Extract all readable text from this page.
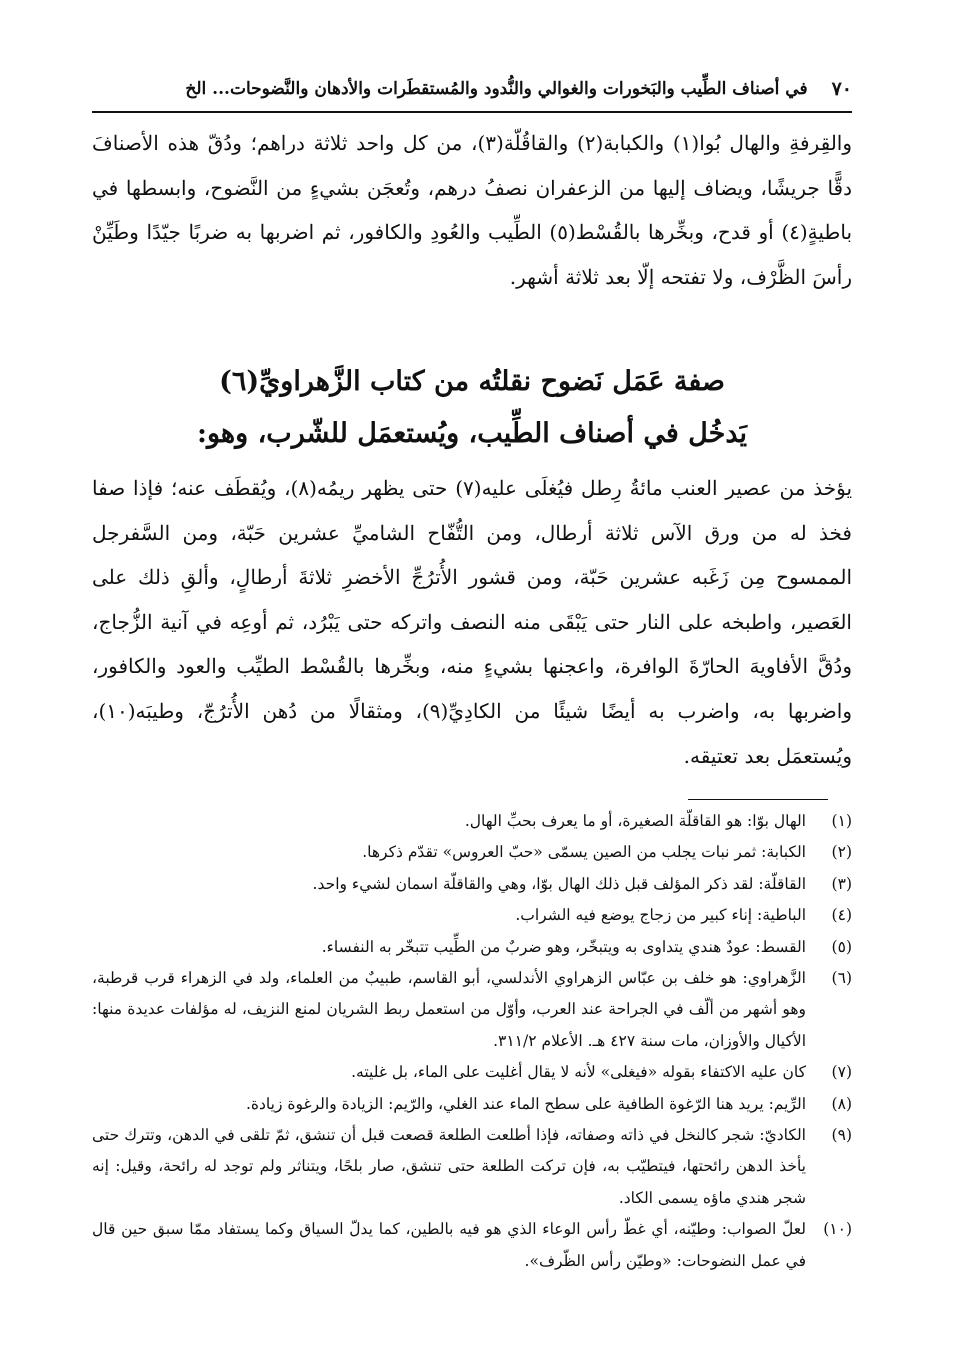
٧٠
في أصناف الطِّيب والبَخورات والغوالي والنُّدود والمُستقطَرات والأدهان والنَّضوحات... الخ
والقِرفةِ والهال بُوا(١) والكبابة(٢) والقاقُلّة(٣)، من كل واحد ثلاثة دراهم؛ ودُقّ هذه الأصنافَ دقًّا جريشًا، ويضاف إليها من الزعفران نصفُ درهم، وتُعجَن بشيءٍ من النَّضوح، وابسطها في باطيةٍ(٤) أو قدح، وبخِّرها بالقُسْط(٥) الطِّيب والعُودِ والكافور، ثم اضربها به ضربًا جيّدًا وطَيِّنْ رأسَ الظَّرْف، ولا تفتحه إلّا بعد ثلاثة أشهر.
صفة عَمَل نَضوح نقلتُه من كتاب الزَّهراويِّ(٦)
يَدخُل في أصناف الطِّيب، ويُستعمَل للشّرب، وهو:
يؤخذ من عصير العنب مائةُ رِطل فيُغلَى عليه(٧) حتى يظهر ريمُه(٨)، ويُقطَف عنه؛ فإذا صفا فخذ له من ورق الآس ثلاثة أرطال، ومن التُّفّاح الشاميِّ عشرين حَبّة، ومن السَّفرجل الممسوح مِن زَغَبه عشرين حَبّة، ومن قشور الأُترُجِّ الأخضرِ ثلاثةَ أرطالٍ، وألقِ ذلك على العَصير، واطبخه على النار حتى يَبْقَى منه النصف واتركه حتى يَبْرُد، ثم أوعِه في آنية الزُّجاج، ودُقَّ الأفاويهَ الحارّةَ الوافرة، واعجنها بشيءٍ منه، وبخِّرها بالقُسْط الطيِّب والعود والكافور، واضربها به، واضرب به أيضًا شيئًا من الكادِيِّ(٩)، ومثقالًا من دُهن الأُترُجّ، وطيبَه(١٠)، ويُستعمَل بعد تعتيقه.
(١)
الهال بوّا: هو القاقلّة الصغيرة، أو ما يعرف بحبِّ الهال.
(٢)
الكبابة: ثمر نبات يجلب من الصين يسمّى «حبّ العروس» تقدّم ذكرها.
(٣)
القاقلّة: لقد ذكر المؤلف قبل ذلك الهال بوّا، وهي والقاقلّة اسمان لشيء واحد.
(٤)
الباطية: إناء كبير من زجاج يوضع فيه الشراب.
(٥)
القسط: عودٌ هندي يتداوى به ويتبخّر، وهو ضربٌ من الطِّيب تتبخّر به النفساء.
(٦)
الزَّهراوي: هو خلف بن عبّاس الزهراوي الأندلسي، أبو القاسم، طبيبٌ من العلماء، ولد في الزهراء قرب قرطبة، وهو أشهر من ألّف في الجراحة عند العرب، وأوّل من استعمل ربط الشريان لمنع النزيف، له مؤلفات عديدة منها: الأكيال والأوزان، مات سنة ٤٢٧ هـ. الأعلام ٣١١/٢.
(٧)
كان عليه الاكتفاء بقوله «فيغلى» لأنه لا يقال أغليت على الماء، بل غليته.
(٨)
الرِّيم: يريد هنا الرّغوة الطافية على سطح الماء عند الغلي، والرّيم: الزيادة والرغوة زيادة.
(٩)
الكاديّ: شجر كالنخل في ذاته وصفاته، فإذا أطلعت الطلعة قصعت قبل أن تنشق، ثمّ تلقى في الدهن، وتترك حتى يأخذ الدهن رائحتها، فيتطيّب به، فإن تركت الطلعة حتى تنشق، صار بلحًا، ويتناثر ولم توجد له رائحة، وقيل: إنه شجر هندي ماؤه يسمى الكاد.
(١٠)
لعلّ الصواب: وطيّنه، أي غطّ رأس الوعاء الذي هو فيه بالطين، كما يدلّ السياق وكما يستفاد ممّا سبق حين قال في عمل النضوحات: «وطيّن رأس الظّرف».
